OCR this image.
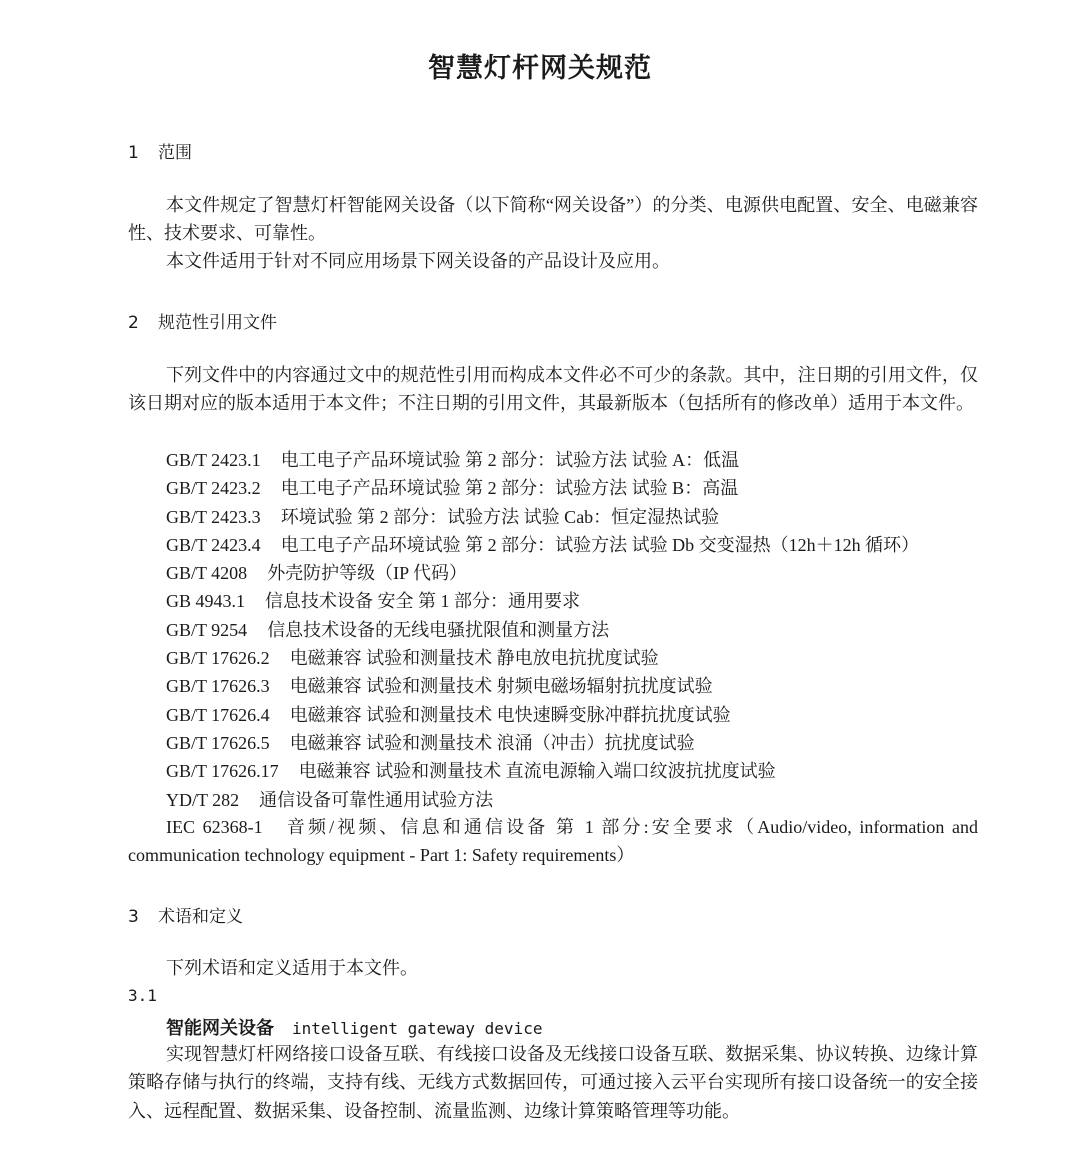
智慧灯杆网关规范
1 范围
本文件规定了智慧灯杆智能网关设备（以下简称“网关设备”）的分类、电源供电配置、安全、电磁兼容性、技术要求、可靠性。
本文件适用于针对不同应用场景下网关设备的产品设计及应用。
2 规范性引用文件
下列文件中的内容通过文中的规范性引用而构成本文件必不可少的条款。其中，注日期的引用文件，仅该日期对应的版本适用于本文件；不注日期的引用文件，其最新版本（包括所有的修改单）适用于本文件。
GB/T 2423.1 电工电子产品环境试验 第 2 部分：试验方法 试验 A：低温
GB/T 2423.2 电工电子产品环境试验 第 2 部分：试验方法 试验 B：高温
GB/T 2423.3 环境试验 第 2 部分：试验方法 试验 Cab：恒定湿热试验
GB/T 2423.4 电工电子产品环境试验 第 2 部分：试验方法 试验 Db 交变湿热（12h＋12h 循环）
GB/T 4208 外壳防护等级（IP 代码）
GB 4943.1 信息技术设备 安全 第 1 部分：通用要求
GB/T 9254 信息技术设备的无线电骚扰限值和测量方法
GB/T 17626.2 电磁兼容 试验和测量技术 静电放电抗扰度试验
GB/T 17626.3 电磁兼容 试验和测量技术 射频电磁场辐射抗扰度试验
GB/T 17626.4 电磁兼容 试验和测量技术 电快速瞬变脉冲群抗扰度试验
GB/T 17626.5 电磁兼容 试验和测量技术 浪涌（冲击）抗扰度试验
GB/T 17626.17 电磁兼容 试验和测量技术 直流电源输入端口纹波抗扰度试验
YD/T 282 通信设备可靠性通用试验方法
IEC 62368-1　音频/视频、信息和通信设备 第 1 部分:安全要求（Audio/video, information and communication technology equipment - Part 1: Safety requirements）
3 术语和定义
下列术语和定义适用于本文件。
3.1
智能网关设备 intelligent gateway device
实现智慧灯杆网络接口设备互联、有线接口设备及无线接口设备互联、数据采集、协议转换、边缘计算策略存储与执行的终端，支持有线、无线方式数据回传，可通过接入云平台实现所有接口设备统一的安全接入、远程配置、数据采集、设备控制、流量监测、边缘计算策略管理等功能。
